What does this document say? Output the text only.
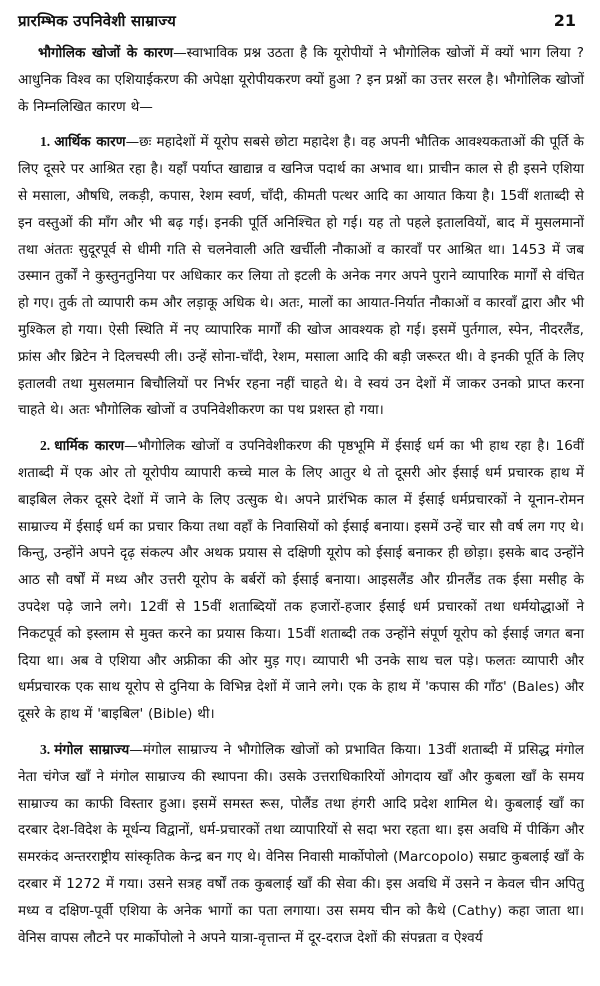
प्रारम्भिक उपनिवेशी साम्राज्य	21

भौगोलिक खोजों के कारण—स्वाभाविक प्रश्न उठता है कि यूरोपीयों ने भौगोलिक खोजों में क्यों भाग लिया ? आधुनिक विश्व का एशियाईकरण की अपेक्षा यूरोपीयकरण क्यों हुआ ? इन प्रश्नों का उत्तर सरल है। भौगोलिक खोजों के निम्नलिखित कारण थे—

1. आर्थिक कारण—छः महादेशों में यूरोप सबसे छोटा महादेश है। वह अपनी भौतिक आवश्यकताओं की पूर्ति के लिए दूसरे पर आश्रित रहा है। यहाँ पर्याप्त खाद्यान्न व खनिज पदार्थ का अभाव था। प्राचीन काल से ही इसने एशिया से मसाला, औषधि, लकड़ी, कपास, रेशम स्वर्ण, चाँदी, कीमती पत्थर आदि का आयात किया है। 15वीं शताब्दी से इन वस्तुओं की माँग और भी बढ़ गई। इनकी पूर्ति अनिश्चित हो गई। यह तो पहले इतालवियों, बाद में मुसलमानों तथा अंततः सुदूरपूर्व से धीमी गति से चलनेवाली अति खर्चीली नौकाओं व कारवाँ पर आश्रित था। 1453 में जब उस्मान तुर्कों ने कुस्तुनतुनिया पर अधिकार कर लिया तो इटली के अनेक नगर अपने पुराने व्यापारिक मार्गों से वंचित हो गए। तुर्क तो व्यापारी कम और लड़ाकू अधिक थे। अतः, मालों का आयात-निर्यात नौकाओं व कारवाँ द्वारा और भी मुश्किल हो गया। ऐसी स्थिति में नए व्यापारिक मार्गों की खोज आवश्यक हो गई। इसमें पुर्तगाल, स्पेन, नीदरलैंड, फ्रांस और ब्रिटेन ने दिलचस्पी ली। उन्हें सोना-चाँदी, रेशम, मसाला आदि की बड़ी जरूरत थी। वे इनकी पूर्ति के लिए इतालवी तथा मुसलमान बिचौलियों पर निर्भर रहना नहीं चाहते थे। वे स्वयं उन देशों में जाकर उनको प्राप्त करना चाहते थे। अतः भौगोलिक खोजों व उपनिवेशीकरण का पथ प्रशस्त हो गया।

2. धार्मिक कारण—भौगोलिक खोजों व उपनिवेशीकरण की पृष्ठभूमि में ईसाई धर्म का भी हाथ रहा है। 16वीं शताब्दी में एक ओर तो यूरोपीय व्यापारी कच्चे माल के लिए आतुर थे तो दूसरी ओर ईसाई धर्म प्रचारक हाथ में बाइबिल लेकर दूसरे देशों में जाने के लिए उत्सुक थे। अपने प्रारंभिक काल में ईसाई धर्मप्रचारकों ने यूनान-रोमन साम्राज्य में ईसाई धर्म का प्रचार किया तथा वहाँ के निवासियों को ईसाई बनाया। इसमें उन्हें चार सौ वर्ष लग गए थे। किन्तु, उन्होंने अपने दृढ़ संकल्प और अथक प्रयास से दक्षिणी यूरोप को ईसाई बनाकर ही छोड़ा। इसके बाद उन्होंने आठ सौ वर्षों में मध्य और उत्तरी यूरोप के बर्बरों को ईसाई बनाया। आइसलैंड और ग्रीनलैंड तक ईसा मसीह के उपदेश पढ़े जाने लगे। 12वीं से 15वीं शताब्दियों तक हजारों-हजार ईसाई धर्म प्रचारकों तथा धर्मयोद्धाओं ने निकटपूर्व को इस्लाम से मुक्त करने का प्रयास किया। 15वीं शताब्दी तक उन्होंने संपूर्ण यूरोप को ईसाई जगत बना दिया था। अब वे एशिया और अफ्रीका की ओर मुड़ गए। व्यापारी भी उनके साथ चल पड़े। फलतः व्यापारी और धर्मप्रचारक एक साथ यूरोप से दुनिया के विभिन्न देशों में जाने लगे। एक के हाथ में 'कपास की गाँठ' (Bales) और दूसरे के हाथ में 'बाइबिल' (Bible) थी।

3. मंगोल साम्राज्य—मंगोल साम्राज्य ने भौगोलिक खोजों को प्रभावित किया। 13वीं शताब्दी में प्रसिद्ध मंगोल नेता चंगेज खाँ ने मंगोल साम्राज्य की स्थापना की। उसके उत्तराधिकारियों ओगदाय खाँ और कुबला खाँ के समय साम्राज्य का काफी विस्तार हुआ। इसमें समस्त रूस, पोलैंड तथा हंगरी आदि प्रदेश शामिल थे। कुबलाई खाँ का दरबार देश-विदेश के मूर्धन्य विद्वानों, धर्म-प्रचारकों तथा व्यापारियों से सदा भरा रहता था। इस अवधि में पीकिंग और समरकंद अन्तरराष्ट्रीय सांस्कृतिक केन्द्र बन गए थे। वेनिस निवासी मार्कोपोलो (Marcopolo) सम्राट कुबलाई खाँ के दरबार में 1272 में गया। उसने सत्रह वर्षों तक कुबलाई खाँ की सेवा की। इस अवधि में उसने न केवल चीन अपितु मध्य व दक्षिण-पूर्वी एशिया के अनेक भागों का पता लगाया। उस समय चीन को कैथे (Cathy) कहा जाता था। वेनिस वापस लौटने पर मार्कोपोलो ने अपने यात्रा-वृत्तान्त में दूर-दराज देशों की संपन्नता व ऐश्वर्य
